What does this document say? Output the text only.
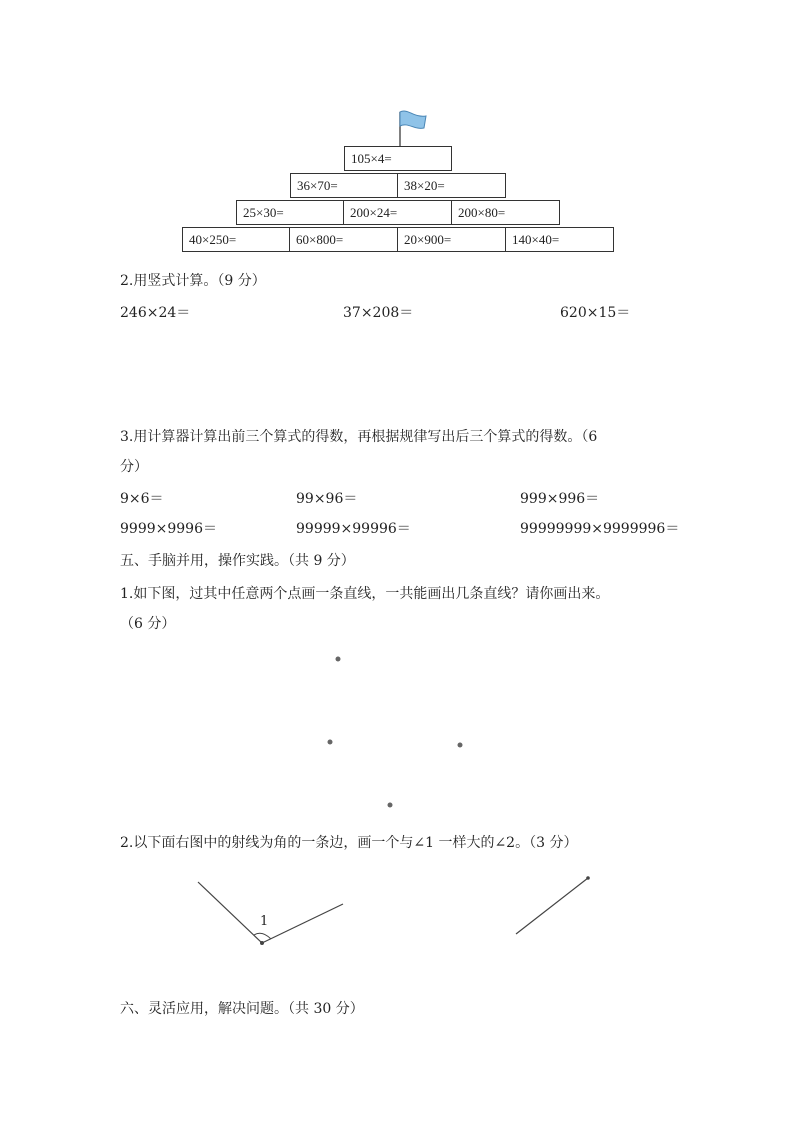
105×4=
36×70=	38×20=
25×30=	200×24=	200×80=
40×250=	60×800=	20×900=	140×40=
2.用竖式计算。（9 分）
246×24＝	37×208＝	620×15＝
3.用计算器计算出前三个算式的得数，再根据规律写出后三个算式的得数。（6
分）
9×6＝	99×96＝	999×996＝
9999×9996＝	99999×99996＝	99999999×9999996＝
五、手脑并用，操作实践。（共 9 分）
1.如下图，过其中任意两个点画一条直线，一共能画出几条直线？请你画出来。
（6 分）
2.以下面右图中的射线为角的一条边，画一个与∠1 一样大的∠2。（3 分）
1
六、灵活应用，解决问题。（共 30 分）
